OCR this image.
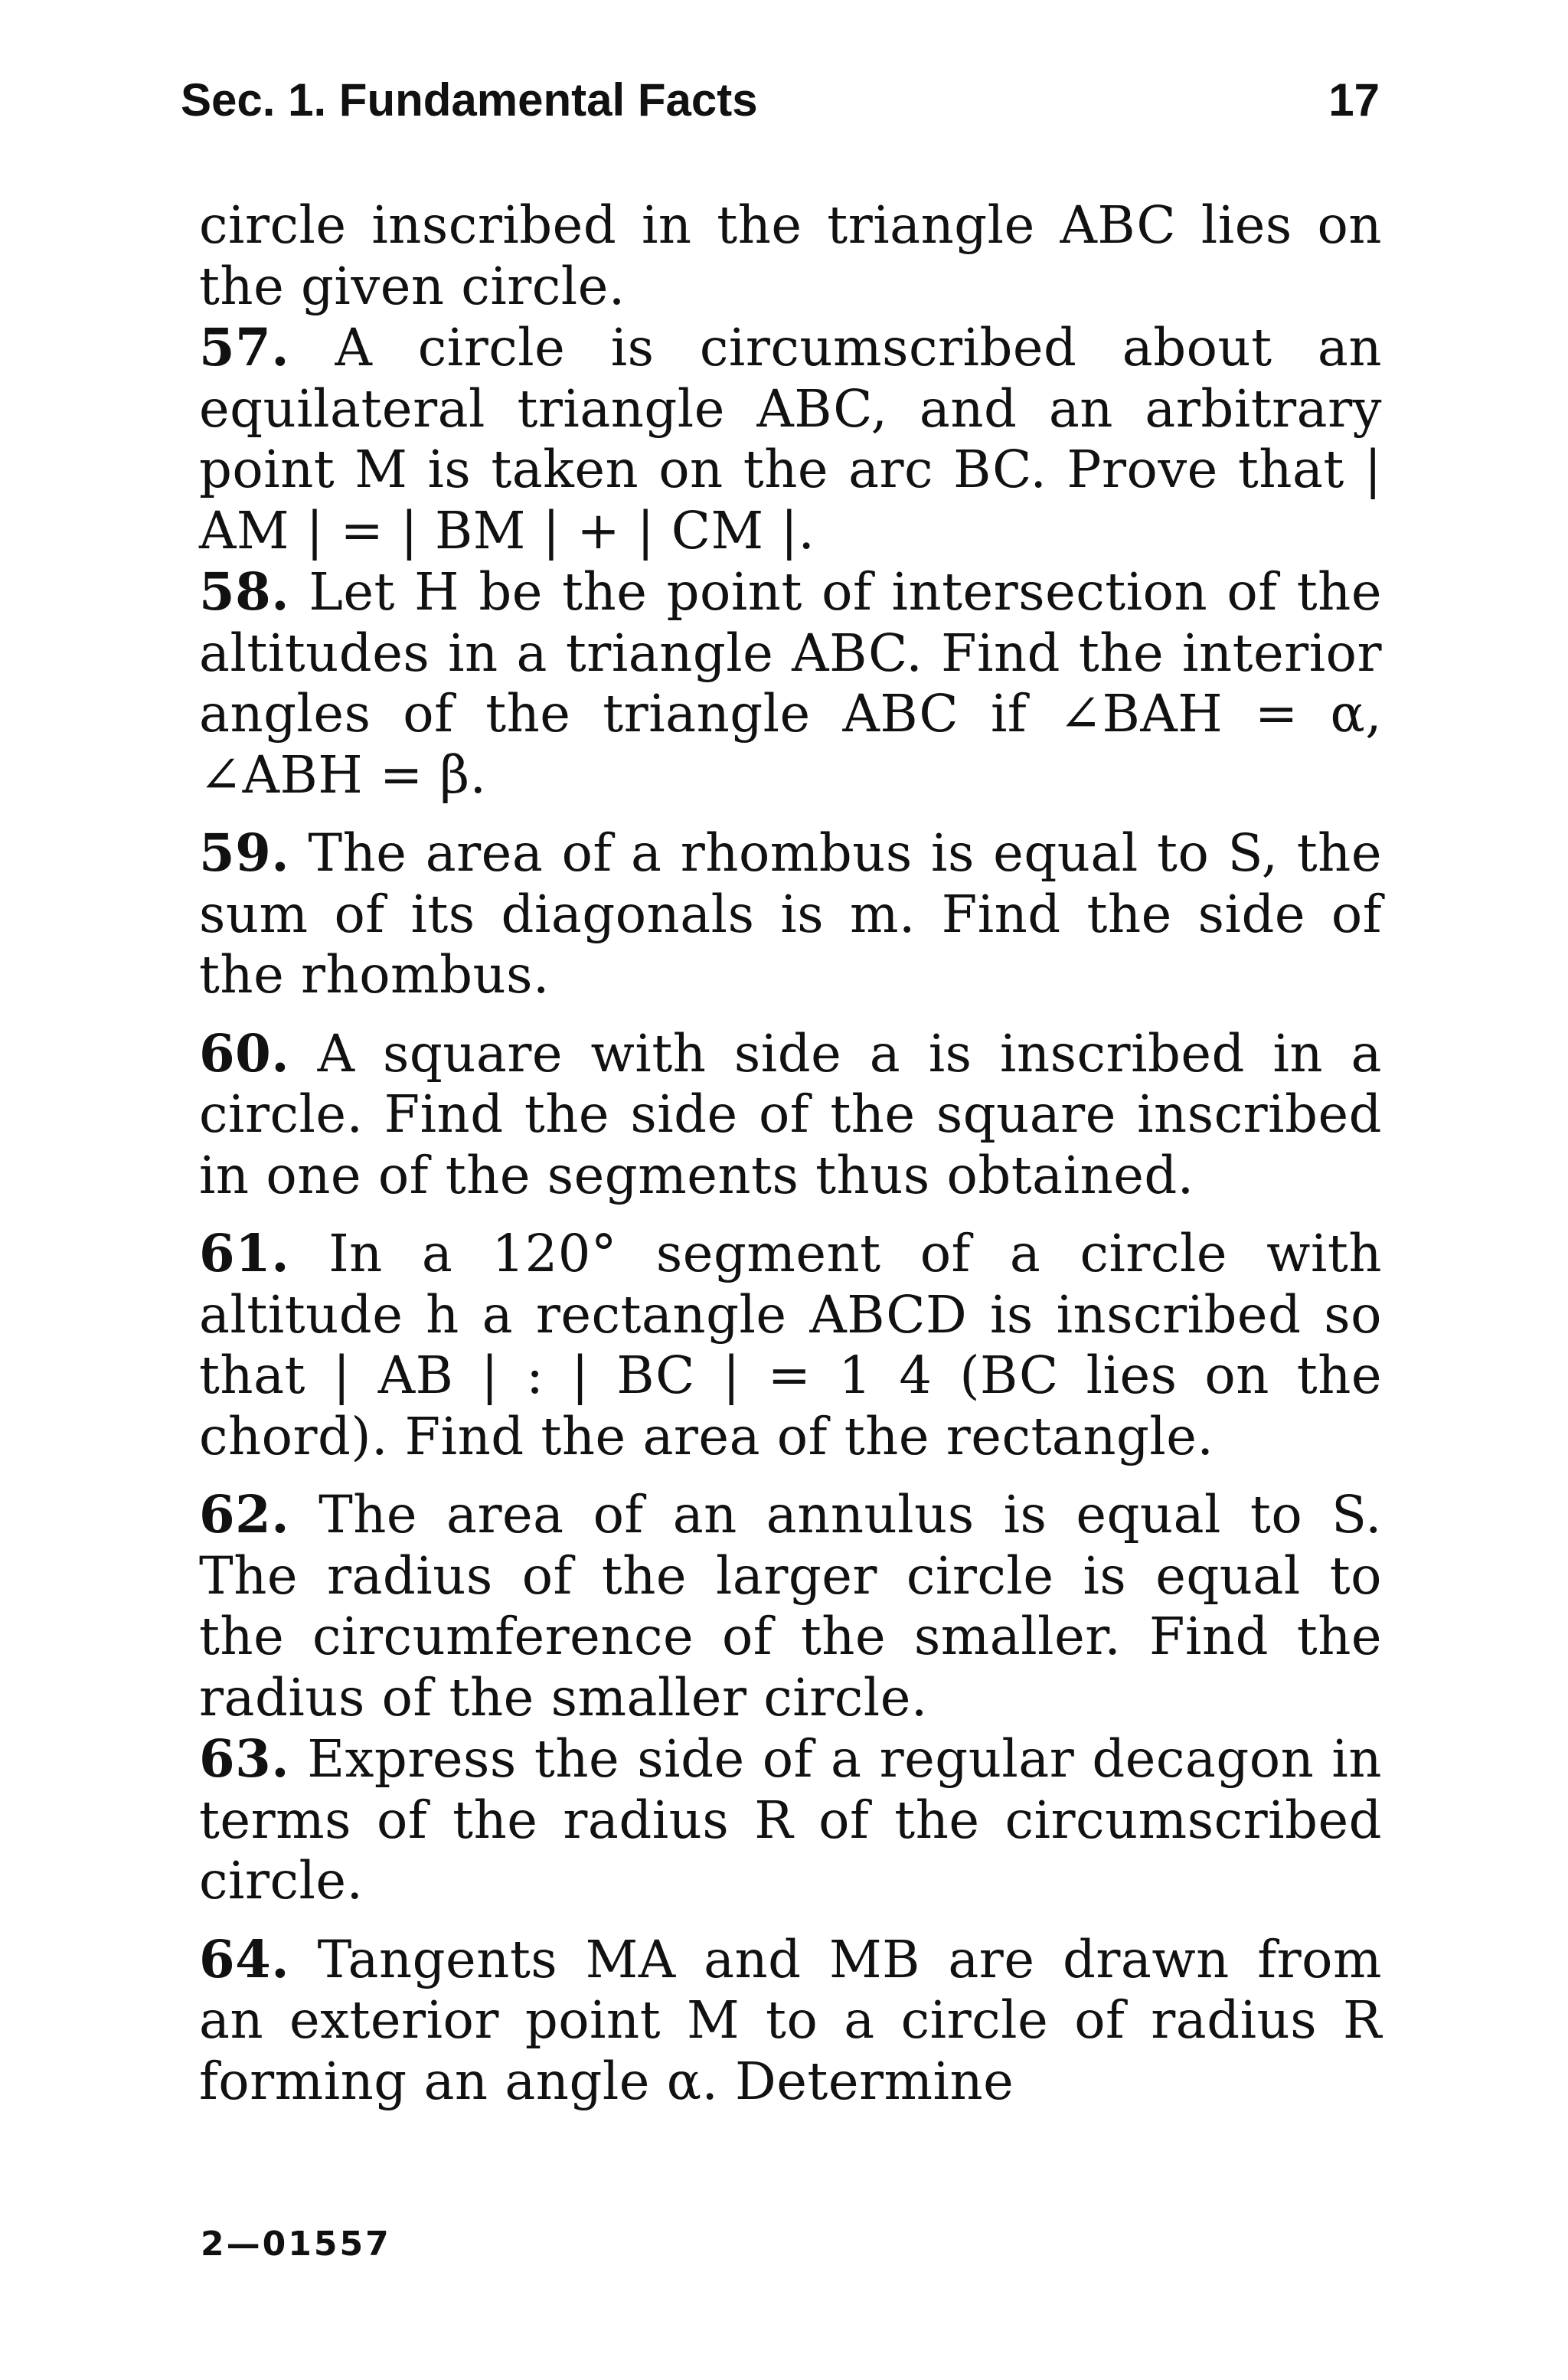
Sec. 1. Fundamental Facts	17

circle inscribed in the triangle ABC lies on the given circle.

57. A circle is circumscribed about an equilateral triangle ABC, and an arbitrary point M is taken on the arc BC. Prove that | AM | = | BM | + | CM |.

58. Let H be the point of intersection of the altitudes in a triangle ABC. Find the interior angles of the triangle ABC if ∠BAH = α, ∠ABH = β.

59. The area of a rhombus is equal to S, the sum of its diagonals is m. Find the side of the rhombus.

60. A square with side a is inscribed in a circle. Find the side of the square inscribed in one of the segments thus obtained.

61. In a 120° segment of a circle with altitude h a rectangle ABCD is inscribed so that | AB | : | BC | = 1 4 (BC lies on the chord). Find the area of the rectangle.

62. The area of an annulus is equal to S. The radius of the larger circle is equal to the circumference of the smaller. Find the radius of the smaller circle.

63. Express the side of a regular decagon in terms of the radius R of the circumscribed circle.

64. Tangents MA and MB are drawn from an exterior point M to a circle of radius R forming an angle α. Determine

2—01557
